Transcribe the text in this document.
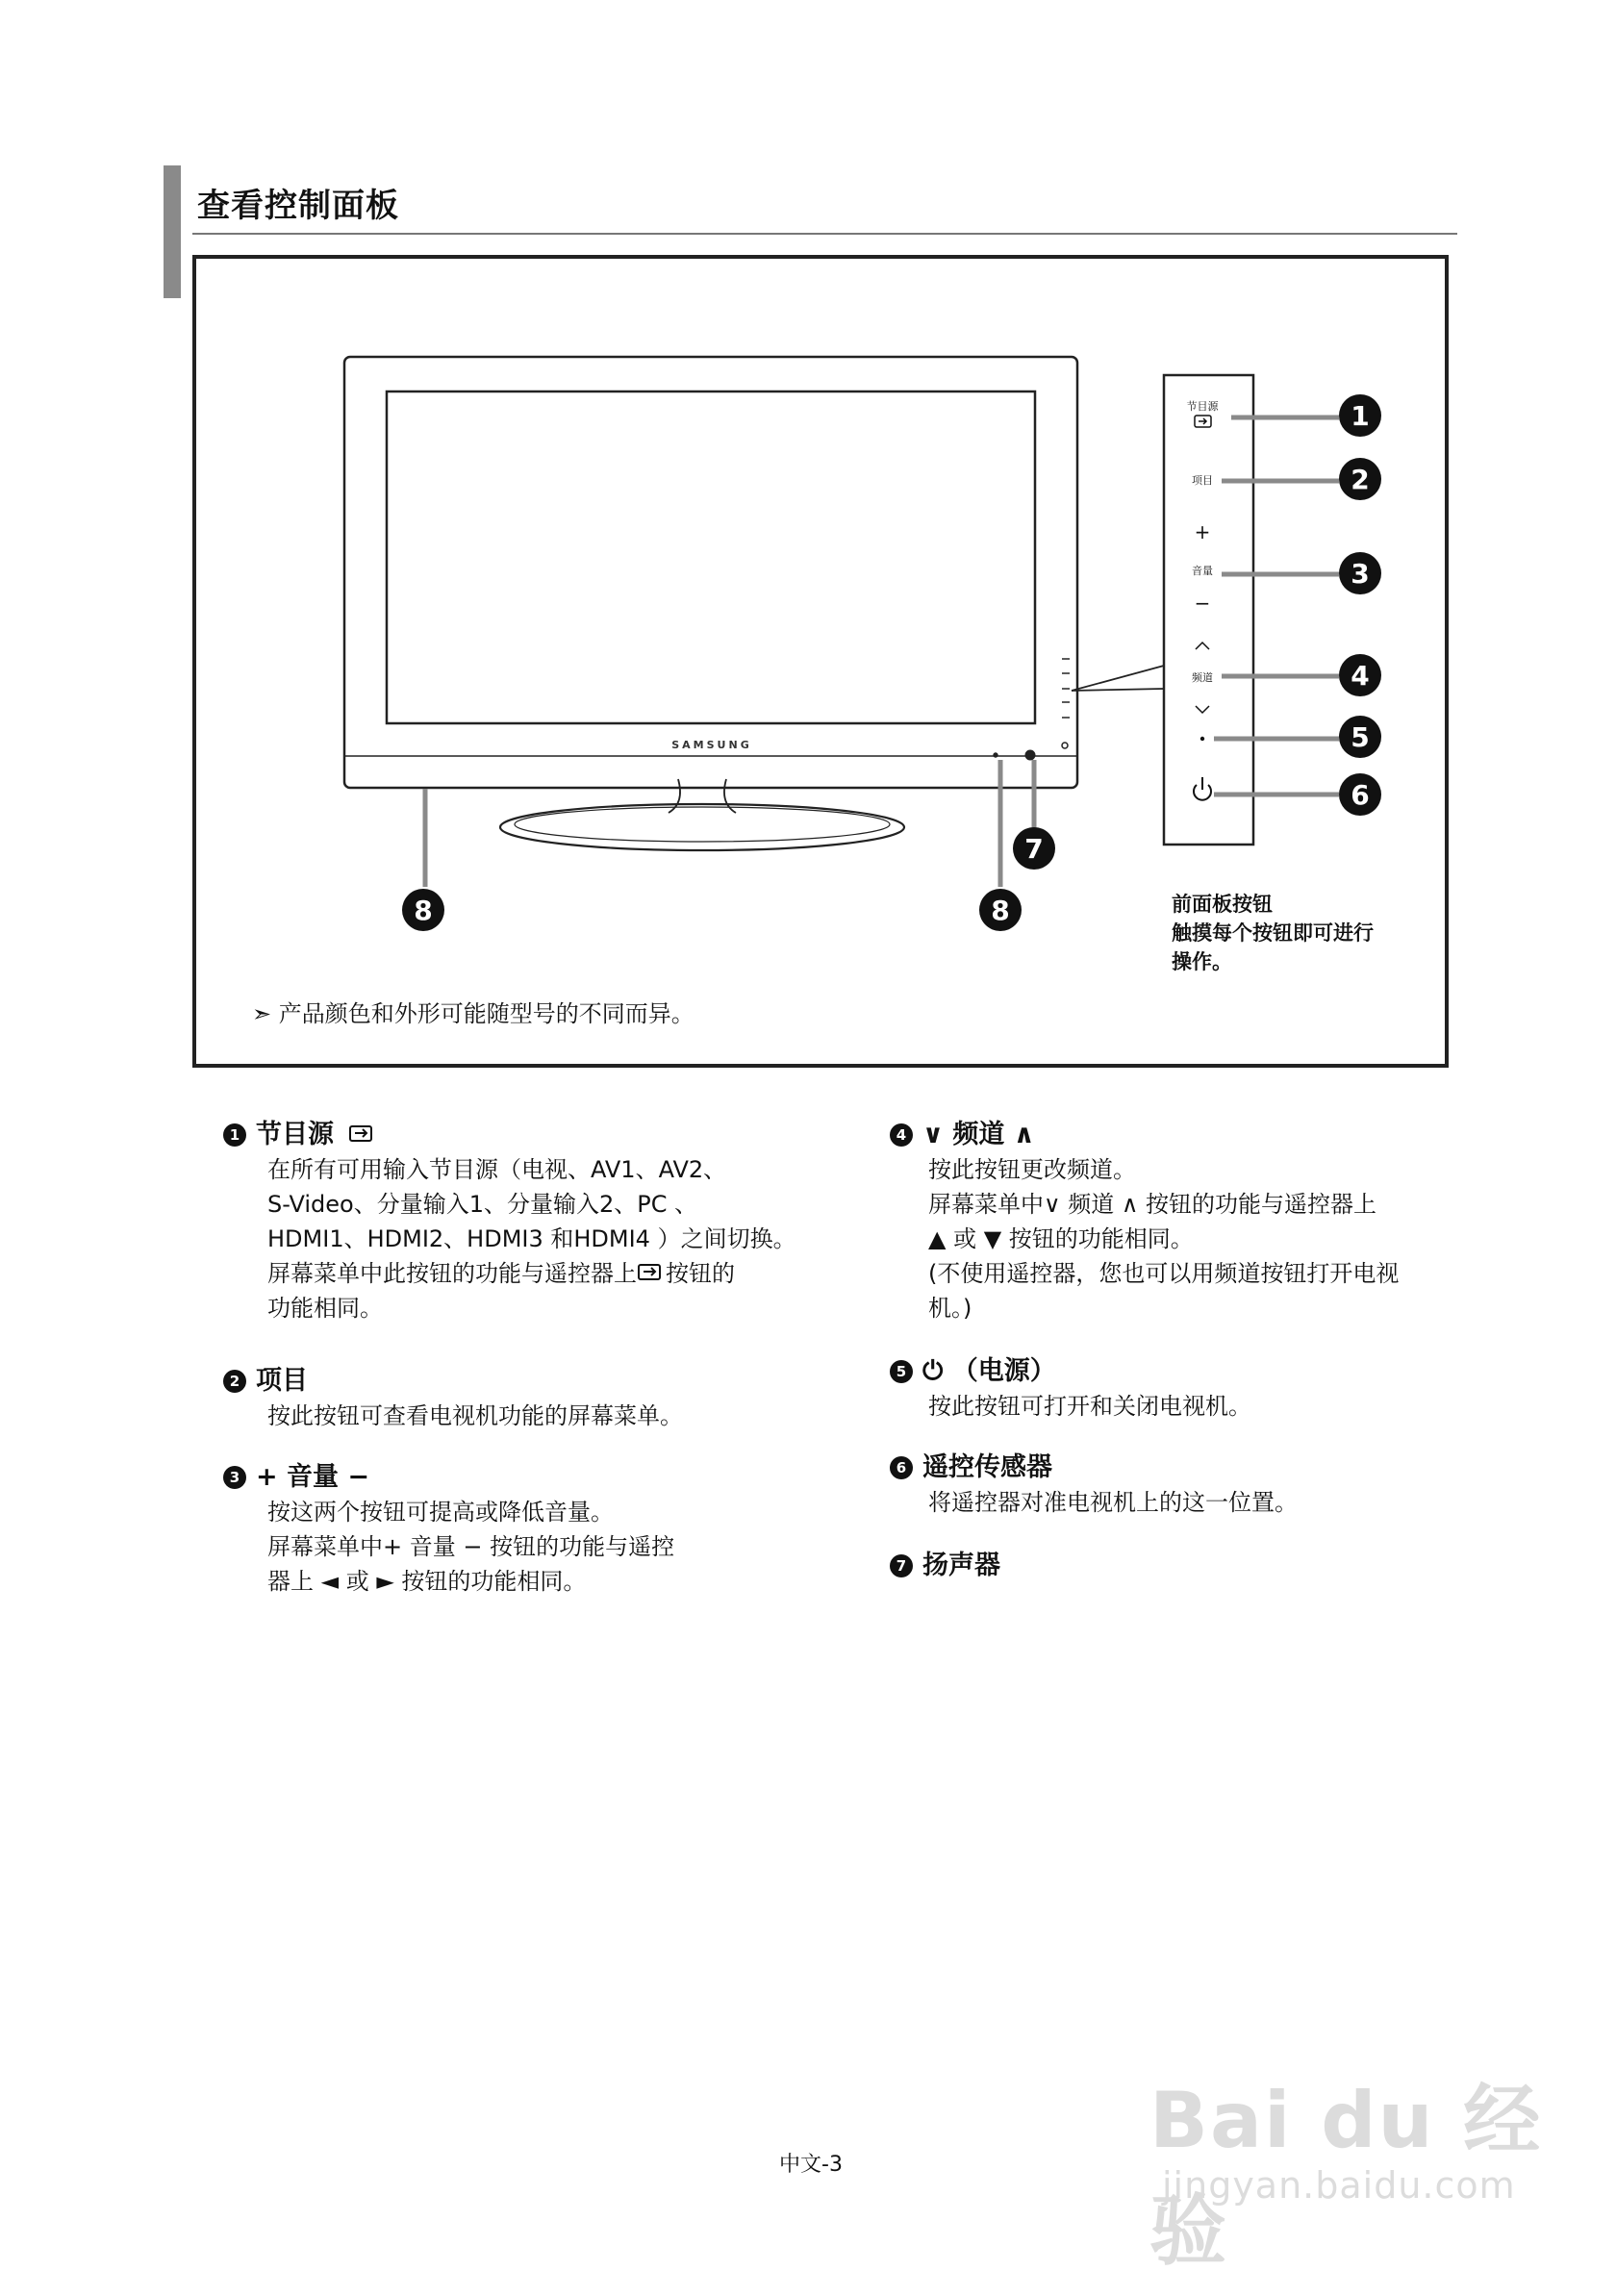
查看控制面板
SAMSUNG
节目源
项目
+
音量
−
频道
1
2
3
4
5
6
7
8	8	前面板按钮
触摸每个按钮即可进行
操作。
➣ 产品颜色和外形可能随型号的不同而异。
1 节目源
在所有可用输入节目源（电视、AV1、AV2、
S-Video、分量输入1、分量输入2、PC 、
HDMI1、HDMI2、HDMI3 和HDMI4 ）之间切换。
屏幕菜单中此按钮的功能与遥控器上 按钮的
功能相同。
2 项目
按此按钮可查看电视机功能的屏幕菜单。
3 + 音量 −
按这两个按钮可提高或降低音量。
屏幕菜单中+ 音量 − 按钮的功能与遥控
器上 ◄ 或 ► 按钮的功能相同。
4 ∨ 频道 ∧
按此按钮更改频道。
屏幕菜单中∨ 频道 ∧ 按钮的功能与遥控器上
▲ 或 ▼ 按钮的功能相同。
(不使用遥控器，您也可以用频道按钮打开电视
机。)
5 ⏻ （电源）
按此按钮可打开和关闭电视机。
6 遥控传感器
将遥控器对准电视机上的这一位置。
7 扬声器
中文-3	Bai du 经验
jingyan.baidu.com
